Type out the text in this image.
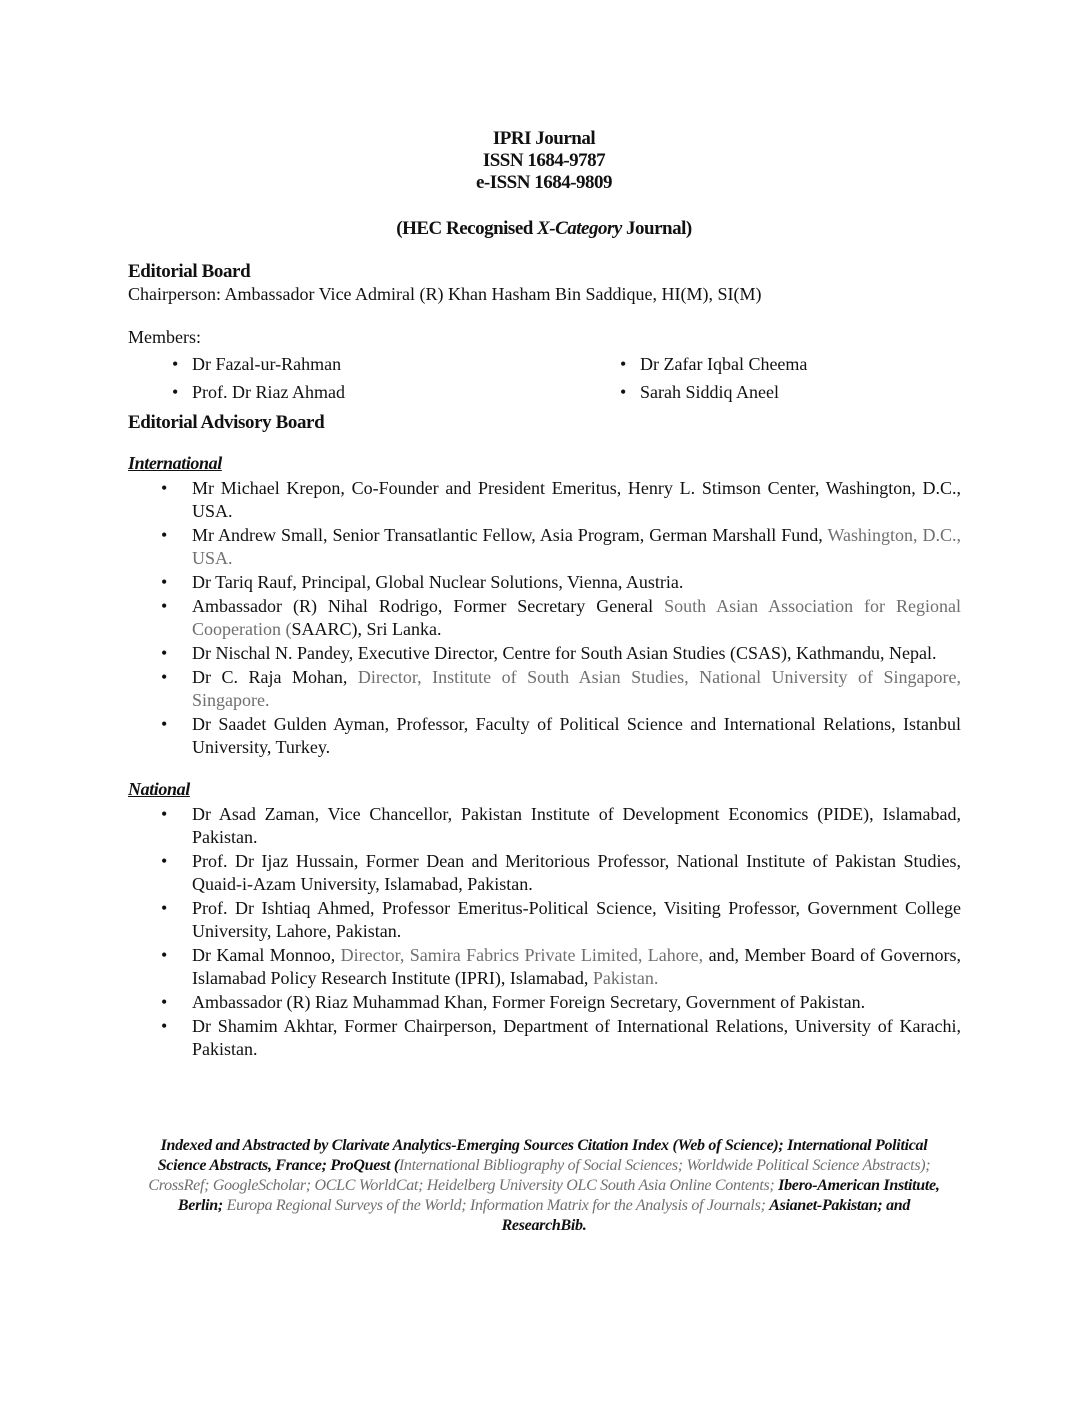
IPRI Journal
ISSN 1684-9787
e-ISSN 1684-9809
(HEC Recognised X-Category Journal)
Editorial Board
Chairperson: Ambassador Vice Admiral (R) Khan Hasham Bin Saddique, HI(M), SI(M)
Members:
• Dr Fazal-ur-Rahman	• Dr Zafar Iqbal Cheema
• Prof. Dr Riaz Ahmad	• Sarah Siddiq Aneel
Editorial Advisory Board
International
• Mr Michael Krepon, Co-Founder and President Emeritus, Henry L. Stimson Center, Washington, D.C., USA.
• Mr Andrew Small, Senior Transatlantic Fellow, Asia Program, German Marshall Fund, Washington, D.C., USA.
• Dr Tariq Rauf, Principal, Global Nuclear Solutions, Vienna, Austria.
• Ambassador (R) Nihal Rodrigo, Former Secretary General South Asian Association for Regional Cooperation (SAARC), Sri Lanka.
• Dr Nischal N. Pandey, Executive Director, Centre for South Asian Studies (CSAS), Kathmandu, Nepal.
• Dr C. Raja Mohan, Director, Institute of South Asian Studies, National University of Singapore, Singapore.
• Dr Saadet Gulden Ayman, Professor, Faculty of Political Science and International Relations, Istanbul University, Turkey.
National
• Dr Asad Zaman, Vice Chancellor, Pakistan Institute of Development Economics (PIDE), Islamabad, Pakistan.
• Prof. Dr Ijaz Hussain, Former Dean and Meritorious Professor, National Institute of Pakistan Studies, Quaid-i-Azam University, Islamabad, Pakistan.
• Prof. Dr Ishtiaq Ahmed, Professor Emeritus-Political Science, Visiting Professor, Government College University, Lahore, Pakistan.
• Dr Kamal Monnoo, Director, Samira Fabrics Private Limited, Lahore, and, Member Board of Governors, Islamabad Policy Research Institute (IPRI), Islamabad, Pakistan.
• Ambassador (R) Riaz Muhammad Khan, Former Foreign Secretary, Government of Pakistan.
• Dr Shamim Akhtar, Former Chairperson, Department of International Relations, University of Karachi, Pakistan.
Indexed and Abstracted by Clarivate Analytics-Emerging Sources Citation Index (Web of Science); International Political Science Abstracts, France; ProQuest (International Bibliography of Social Sciences; Worldwide Political Science Abstracts); CrossRef; GoogleScholar; OCLC WorldCat; Heidelberg University OLC South Asia Online Contents; Ibero-American Institute, Berlin; Europa Regional Surveys of the World; Information Matrix for the Analysis of Journals; Asianet-Pakistan; and ResearchBib.
